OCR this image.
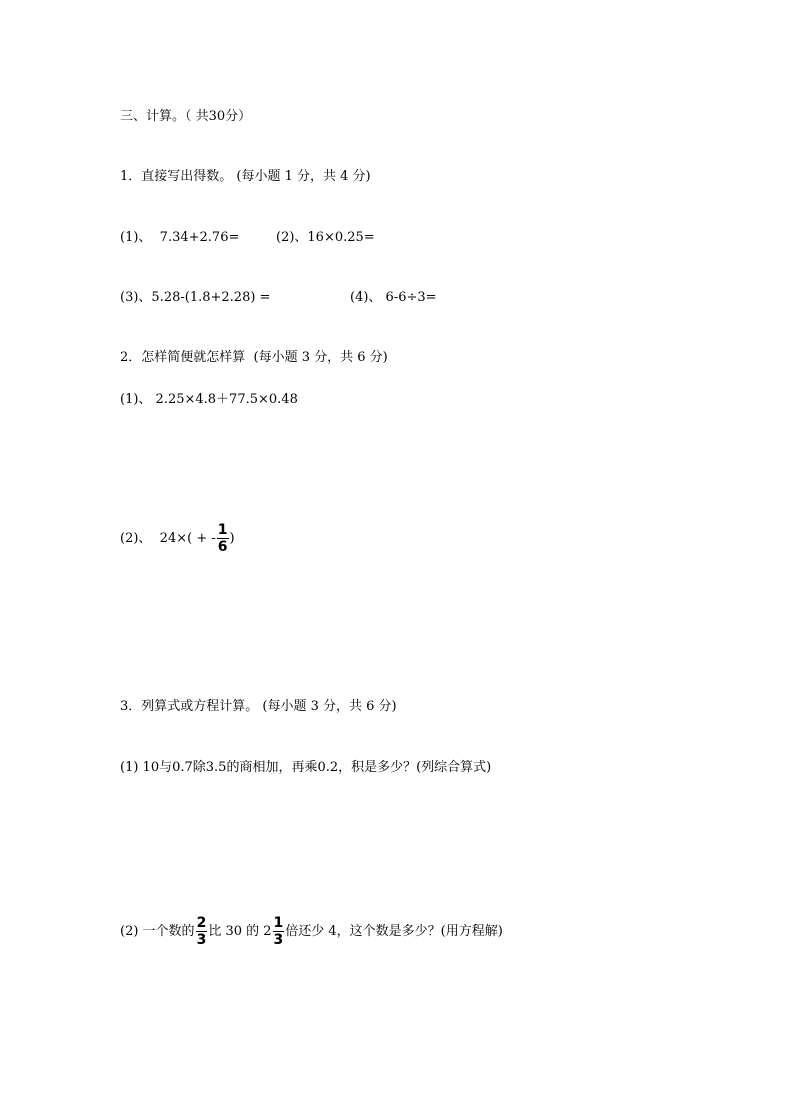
三、计算。（ 共30分）
1．直接写出得数。 (每小题 1 分，共 4 分)
(1)、  7.34+2.76=	(2)、16×0.25=
(3)、5.28-(1.8+2.28) =	(4)、 6-6÷3=
2．怎样简便就怎样算  (每小题 3 分，共 6 分)
(1)、 2.25×4.8＋77.5×0.48
(2)、  24×( + - $\frac{1}{6}$ )
3．列算式或方程计算。 (每小题 3 分，共 6 分)
(1) 10与0.7除3.5的商相加，再乘0.2，积是多少？(列综合算式)
(2) 一个数的 $\frac{2}{3}$ 比 30 的 $2 \frac{1}{3}$ 倍还少 4，这个数是多少？(用方程解)
